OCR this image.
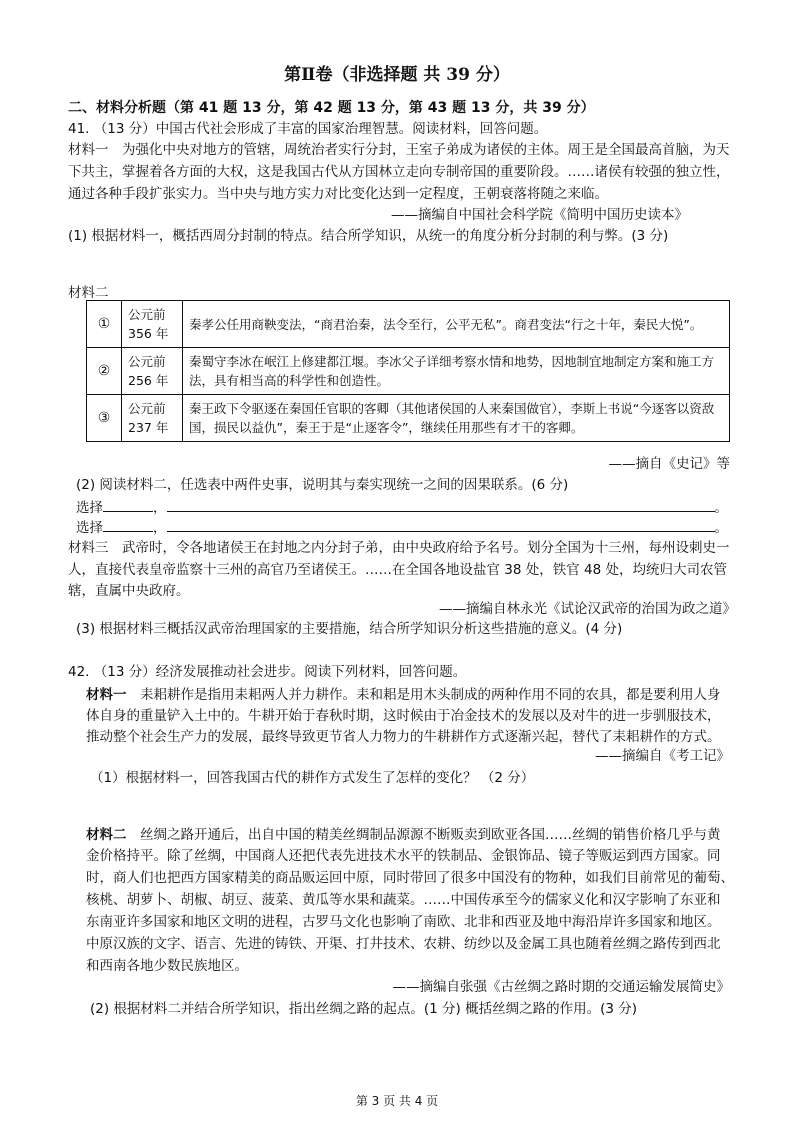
第Ⅱ卷（非选择题 共 39 分）
二、材料分析题（第 41 题 13 分，第 42 题 13 分，第 43 题 13 分，共 39 分）
41. （13 分）中国古代社会形成了丰富的国家治理智慧。阅读材料，回答问题。
材料一　为强化中央对地方的管辖，周统治者实行分封，王室子弟成为诸侯的主体。周王是全国最高首脑，为天
下共主，掌握着各方面的大权，这是我国古代从方国林立走向专制帝国的重要阶段。……诸侯有较强的独立性，
通过各种手段扩张实力。当中央与地方实力对比变化达到一定程度，王朝衰落将随之来临。
——摘编自中国社会科学院《简明中国历史读本》
(1) 根据材料一，概括西周分封制的特点。结合所学知识，从统一的角度分析分封制的利与弊。(3 分)
材料二
①	公元前 356 年	秦孝公任用商鞅变法，“商君治秦，法令至行，公平无私”。商君变法“行之十年，秦民大悦”。
②	公元前 256 年	秦蜀守李冰在岷江上修建都江堰。李冰父子详细考察水情和地势，因地制宜地制定方案和施工方法，具有相当高的科学性和创造性。
③	公元前 237 年	秦王政下令驱逐在秦国任官职的客卿（其他诸侯国的人来秦国做官），李斯上书说“今逐客以资敌国，损民以益仇”，秦王于是“止逐客令”，继续任用那些有才干的客卿。
——摘自《史记》等
(2) 阅读材料二，任选表中两件史事，说明其与秦实现统一之间的因果联系。(6 分)
选择	，	。
选择	，	。
材料三　武帝时，令各地诸侯王在封地之内分封子弟，由中央政府给予名号。划分全国为十三州，每州设刺史一
人，直接代表皇帝监察十三州的高官乃至诸侯王。……在全国各地设盐官 38 处，铁官 48 处，均统归大司农管
辖，直属中央政府。
——摘编自林永光《试论汉武帝的治国为政之道》
(3) 根据材料三概括汉武帝治理国家的主要措施，结合所学知识分析这些措施的意义。(4 分)
42. （13 分）经济发展推动社会进步。阅读下列材料，回答问题。
材料一　耒耜耕作是指用耒耜两人并力耕作。耒和耜是用木头制成的两种作用不同的农具，都是要利用人身
体自身的重量铲入土中的。牛耕开始于春秋时期，这时候由于冶金技术的发展以及对牛的进一步驯服技术，
推动整个社会生产力的发展，最终导致更节省人力物力的牛耕耕作方式逐渐兴起，替代了耒耜耕作的方式。
——摘编自《考工记》
（1）根据材料一，回答我国古代的耕作方式发生了怎样的变化？ （2 分）
材料二　丝绸之路开通后，出自中国的精美丝绸制品源源不断贩卖到欧亚各国……丝绸的销售价格几乎与黄
金价格持平。除了丝绸，中国商人还把代表先进技术水平的铁制品、金银饰品、镜子等贩运到西方国家。同
时，商人们也把西方国家精美的商品贩运回中原，同时带回了很多中国没有的物种，如我们目前常见的葡萄、
核桃、胡萝卜、胡椒、胡豆、菠菜、黄瓜等水果和蔬菜。……中国传承至今的儒家义化和汉字影响了东亚和
东南亚许多国家和地区文明的进程，古罗马文化也影响了南欧、北非和西亚及地中海沿岸许多国家和地区。
中原汉族的文字、语言、先进的铸铁、开渠、打井技术、农耕、纺纱以及金属工具也随着丝绸之路传到西北
和西南各地少数民族地区。
——摘编自张强《古丝绸之路时期的交通运输发展简史》
(2) 根据材料二并结合所学知识，指出丝绸之路的起点。(1 分) 概括丝绸之路的作用。(3 分)
第 3 页 共 4 页
